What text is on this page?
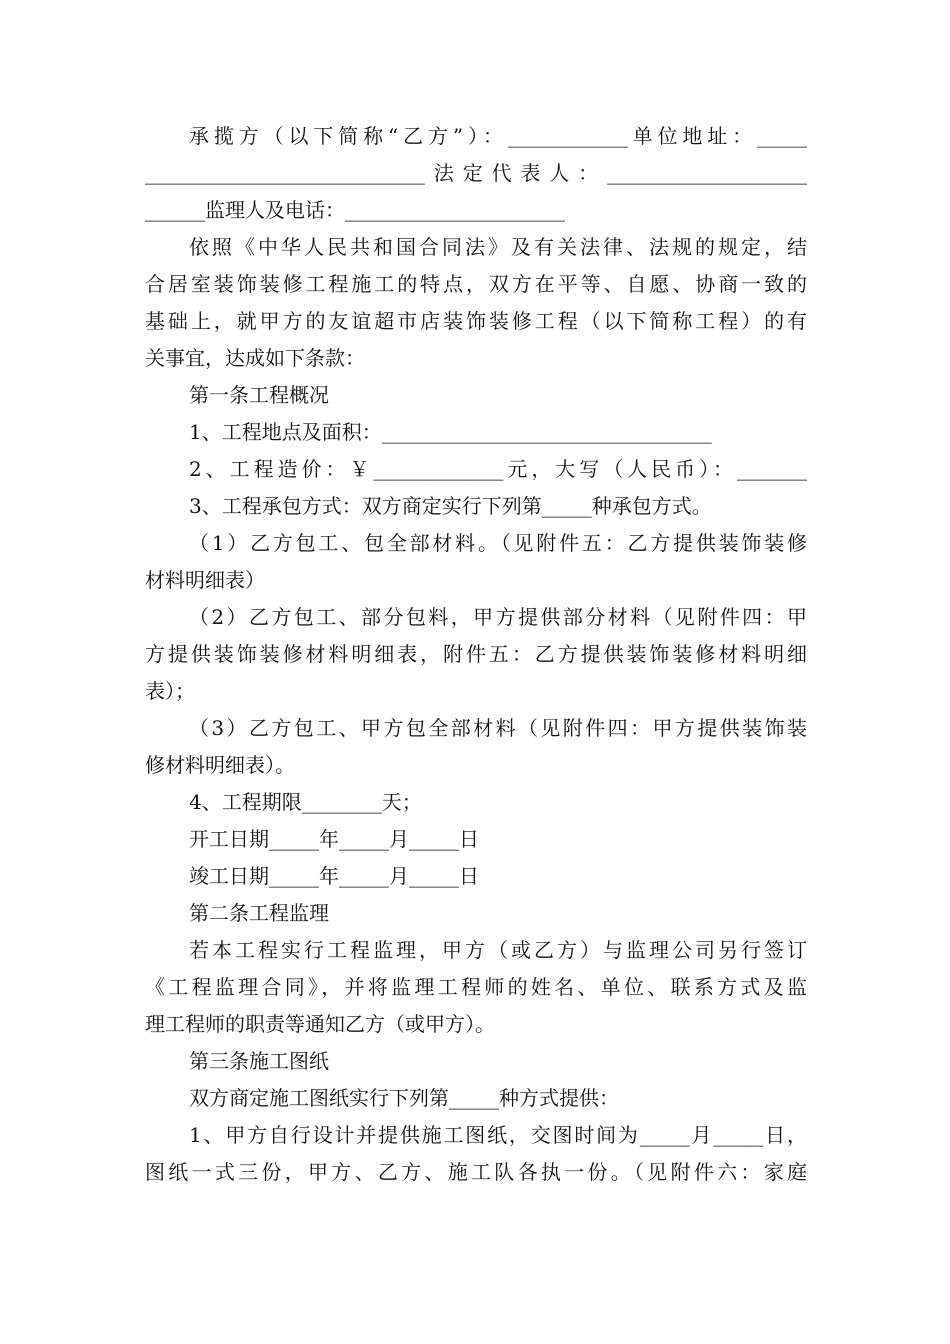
承揽方（以下简称“乙方”）：____________单位地址：_____
____________________________法定代表人：____________________
______监理人及电话：______________________
依照《中华人民共和国合同法》及有关法律、法规的规定，结
合居室装饰装修工程施工的特点，双方在平等、自愿、协商一致的
基础上，就甲方的友谊超市店装饰装修工程（以下简称工程）的有
关事宜，达成如下条款：
第一条工程概况
1、工程地点及面积：_________________________________
2、工程造价：￥_____________元，大写（人民币）：_______
3、工程承包方式：双方商定实行下列第_____种承包方式。
（1）乙方包工、包全部材料。（见附件五：乙方提供装饰装修
材料明细表）
（2）乙方包工、部分包料，甲方提供部分材料（见附件四：甲
方提供装饰装修材料明细表，附件五：乙方提供装饰装修材料明细
表）；
（3）乙方包工、甲方包全部材料（见附件四：甲方提供装饰装
修材料明细表）。
4、工程期限________天；
开工日期_____年_____月_____日
竣工日期_____年_____月_____日
第二条工程监理
若本工程实行工程监理，甲方（或乙方）与监理公司另行签订
《工程监理合同》，并将监理工程师的姓名、单位、联系方式及监
理工程师的职责等通知乙方（或甲方）。
第三条施工图纸
双方商定施工图纸实行下列第_____种方式提供：
1、甲方自行设计并提供施工图纸，交图时间为_____月_____日，
图纸一式三份，甲方、乙方、施工队各执一份。（见附件六：家庭
